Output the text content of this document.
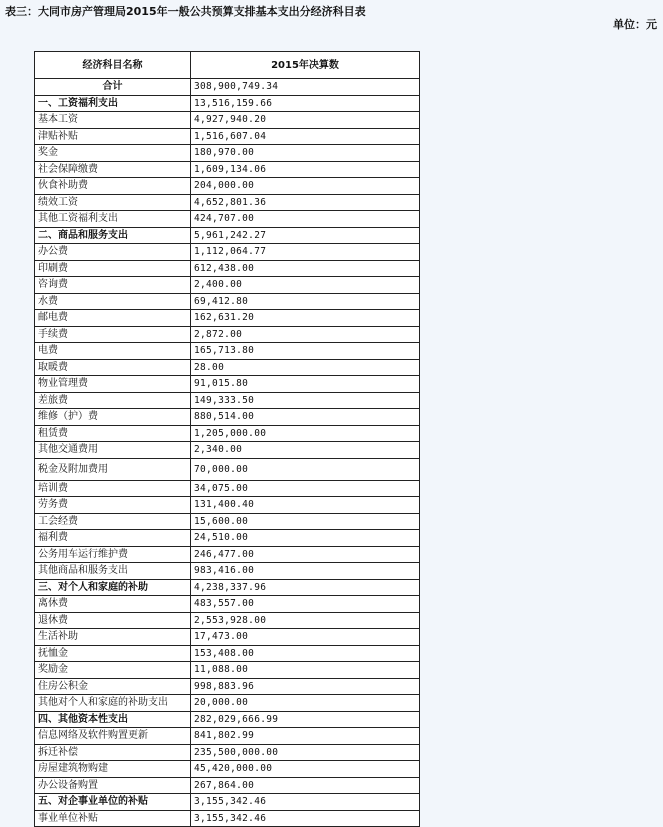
表三：大同市房产管理局2015年一般公共预算支排基本支出分经济科目表
单位：元
经济科目名称	2015年决算数
合计	308,900,749.34
一、工资福利支出	13,516,159.66
基本工资	4,927,940.20
津贴补贴	1,516,607.04
奖金	180,970.00
社会保障缴费	1,609,134.06
伙食补助费	204,000.00
绩效工资	4,652,801.36
其他工资福利支出	424,707.00
二、商品和服务支出	5,961,242.27
办公费	1,112,064.77
印刷费	612,438.00
咨询费	2,400.00
水费	69,412.80
邮电费	162,631.20
手续费	2,872.00
电费	165,713.80
取暖费	28.00
物业管理费	91,015.80
差旅费	149,333.50
维修（护）费	880,514.00
租赁费	1,205,000.00
其他交通费用	2,340.00
税金及附加费用	70,000.00
培训费	34,075.00
劳务费	131,400.40
工会经费	15,600.00
福利费	24,510.00
公务用车运行维护费	246,477.00
其他商品和服务支出	983,416.00
三、对个人和家庭的补助	4,238,337.96
离休费	483,557.00
退休费	2,553,928.00
生活补助	17,473.00
抚恤金	153,408.00
奖励金	11,088.00
住房公积金	998,883.96
其他对个人和家庭的补助支出	20,000.00
四、其他资本性支出	282,029,666.99
信息网络及软件购置更新	841,802.99
拆迁补偿	235,500,000.00
房屋建筑物购建	45,420,000.00
办公设备购置	267,864.00
五、对企事业单位的补贴	3,155,342.46
事业单位补贴	3,155,342.46
